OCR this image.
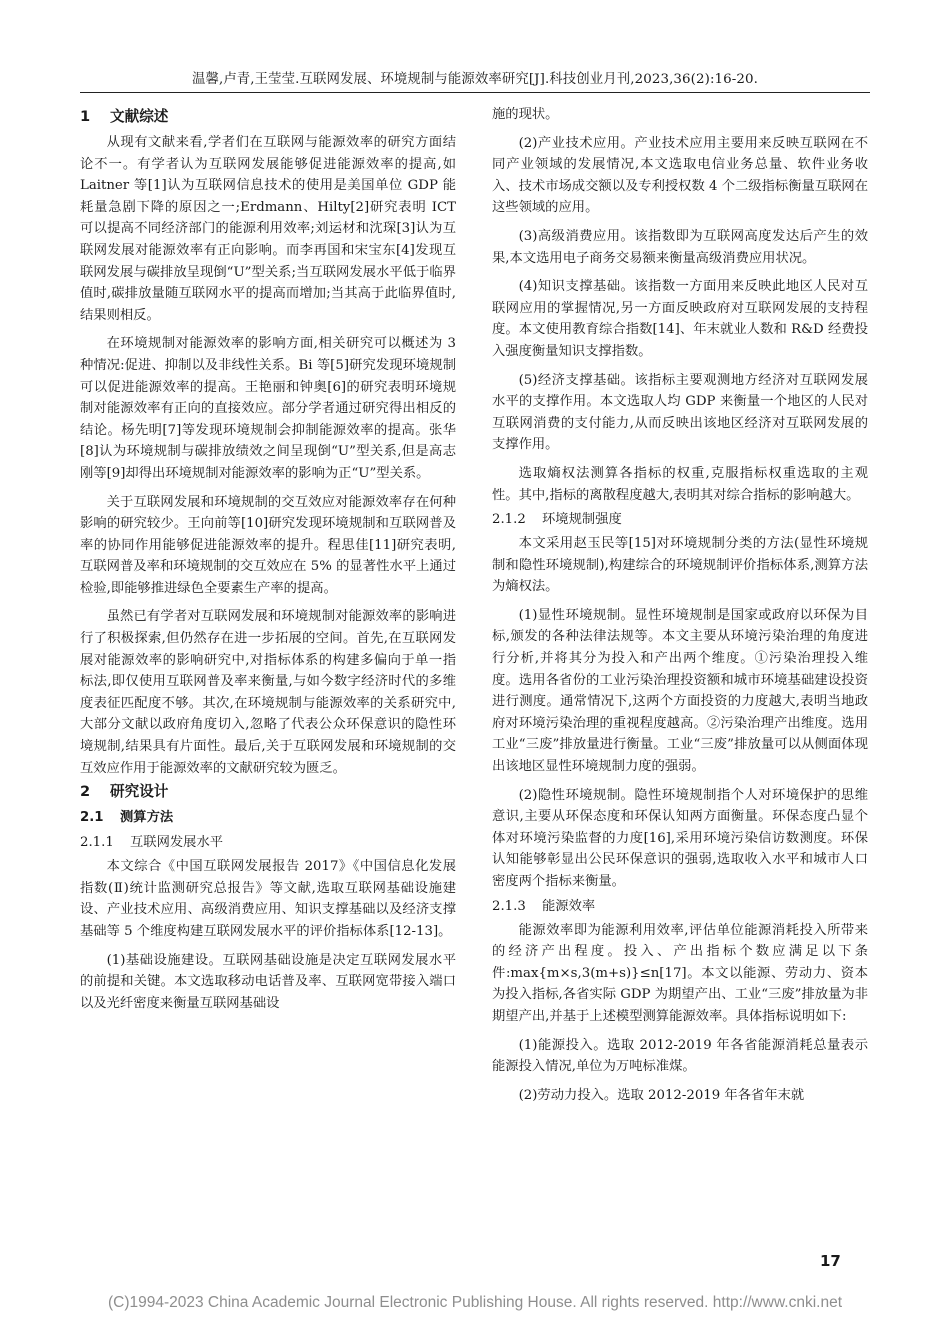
温馨,卢青,王莹莹.互联网发展、环境规制与能源效率研究[J].科技创业月刊,2023,36(2):16-20.
1 文献综述

从现有文献来看,学者们在互联网与能源效率的研究方面结论不一。有学者认为互联网发展能够促进能源效率的提高,如 Laitner 等[1]认为互联网信息技术的使用是美国单位 GDP 能耗量急剧下降的原因之一;Erdmann、Hilty[2]研究表明 ICT 可以提高不同经济部门的能源利用效率;刘运材和沈琛[3]认为互联网发展对能源效率有正向影响。而李再国和宋宝东[4]发现互联网发展与碳排放呈现倒“U”型关系;当互联网发展水平低于临界值时,碳排放量随互联网水平的提高而增加;当其高于此临界值时,结果则相反。

在环境规制对能源效率的影响方面,相关研究可以概述为 3 种情况:促进、抑制以及非线性关系。Bi 等[5]研究发现环境规制可以促进能源效率的提高。王艳丽和钟奥[6]的研究表明环境规制对能源效率有正向的直接效应。部分学者通过研究得出相反的结论。杨先明[7]等发现环境规制会抑制能源效率的提高。张华[8]认为环境规制与碳排放绩效之间呈现倒“U”型关系,但是高志刚等[9]却得出环境规制对能源效率的影响为正“U”型关系。

关于互联网发展和环境规制的交互效应对能源效率存在何种影响的研究较少。王向前等[10]研究发现环境规制和互联网普及率的协同作用能够促进能源效率的提升。程思佳[11]研究表明,互联网普及率和环境规制的交互效应在 5% 的显著性水平上通过检验,即能够推进绿色全要素生产率的提高。

虽然已有学者对互联网发展和环境规制对能源效率的影响进行了积极探索,但仍然存在进一步拓展的空间。首先,在互联网发展对能源效率的影响研究中,对指标体系的构建多偏向于单一指标法,即仅使用互联网普及率来衡量,与如今数字经济时代的多维度表征匹配度不够。其次,在环境规制与能源效率的关系研究中,大部分文献以政府角度切入,忽略了代表公众环保意识的隐性环境规制,结果具有片面性。最后,关于互联网发展和环境规制的交互效应作用于能源效率的文献研究较为匮乏。

2 研究设计
2.1 测算方法
2.1.1 互联网发展水平

本文综合《中国互联网发展报告 2017》《中国信息化发展指数(Ⅱ)统计监测研究总报告》等文献,选取互联网基础设施建设、产业技术应用、高级消费应用、知识支撑基础以及经济支撑基础等 5 个维度构建互联网发展水平的评价指标体系[12-13]。

(1)基础设施建设。互联网基础设施是决定互联网发展水平的前提和关键。本文选取移动电话普及率、互联网宽带接入端口以及光纤密度来衡量互联网基础设

施的现状。

(2)产业技术应用。产业技术应用主要用来反映互联网在不同产业领域的发展情况,本文选取电信业务总量、软件业务收入、技术市场成交额以及专利授权数 4 个二级指标衡量互联网在这些领域的应用。

(3)高级消费应用。该指数即为互联网高度发达后产生的效果,本文选用电子商务交易额来衡量高级消费应用状况。

(4)知识支撑基础。该指数一方面用来反映此地区人民对互联网应用的掌握情况,另一方面反映政府对互联网发展的支持程度。本文使用教育综合指数[14]、年末就业人数和 R&D 经费投入强度衡量知识支撑指数。

(5)经济支撑基础。该指标主要观测地方经济对互联网发展水平的支撑作用。本文选取人均 GDP 来衡量一个地区的人民对互联网消费的支付能力,从而反映出该地区经济对互联网发展的支撑作用。

选取熵权法测算各指标的权重,克服指标权重选取的主观性。其中,指标的离散程度越大,表明其对综合指标的影响越大。

2.1.2 环境规制强度

本文采用赵玉民等[15]对环境规制分类的方法(显性环境规制和隐性环境规制),构建综合的环境规制评价指标体系,测算方法为熵权法。

(1)显性环境规制。显性环境规制是国家或政府以环保为目标,颁发的各种法律法规等。本文主要从环境污染治理的角度进行分析,并将其分为投入和产出两个维度。①污染治理投入维度。选用各省份的工业污染治理投资额和城市环境基础建设投资进行测度。通常情况下,这两个方面投资的力度越大,表明当地政府对环境污染治理的重视程度越高。②污染治理产出维度。选用工业“三废”排放量进行衡量。工业“三废”排放量可以从侧面体现出该地区显性环境规制力度的强弱。

(2)隐性环境规制。隐性环境规制指个人对环境保护的思维意识,主要从环保态度和环保认知两方面衡量。环保态度凸显个体对环境污染监督的力度[16],采用环境污染信访数测度。环保认知能够彰显出公民环保意识的强弱,选取收入水平和城市人口密度两个指标来衡量。

2.1.3 能源效率

能源效率即为能源利用效率,评估单位能源消耗投入所带来的经济产出程度。投入、产出指标个数应满足以下条件:max{m×s,3(m+s)}≤n[17]。本文以能源、劳动力、资本为投入指标,各省实际 GDP 为期望产出、工业“三废”排放量为非期望产出,并基于上述模型测算能源效率。具体指标说明如下:

(1)能源投入。选取 2012-2019 年各省能源消耗总量表示能源投入情况,单位为万吨标准煤。

(2)劳动力投入。选取 2012-2019 年各省年末就

17
(C)1994-2023 China Academic Journal Electronic Publishing House. All rights reserved. http://www.cnki.net
